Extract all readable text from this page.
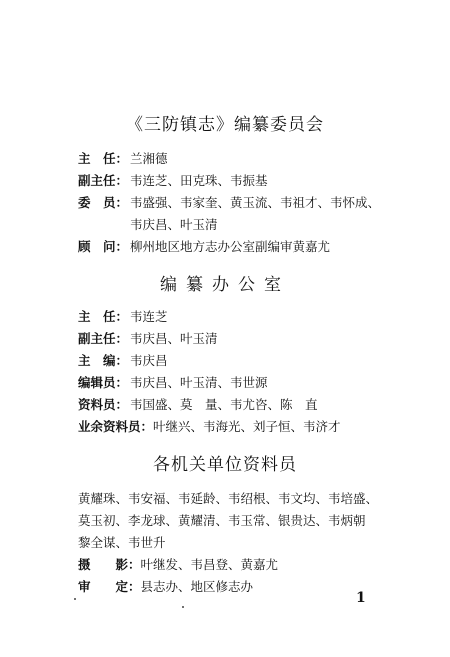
《三防镇志》编纂委员会
主　任： 兰湘德
副主任： 韦连芝、田克珠、韦振基
委　员： 韦盛强、韦家奎、黄玉流、韦祖才、韦怀成、
韦庆昌、叶玉清
顾　问： 柳州地区地方志办公室副编审黄嘉尤
编纂办公室
主　任： 韦连芝
副主任： 韦庆昌、叶玉清
主　编： 韦庆昌
编辑员： 韦庆昌、叶玉清、韦世源
资料员： 韦国盛、莫　量、韦尤咨、陈　直
业余资料员：叶继兴、韦海光、刘子恒、韦济才
各机关单位资料员
黄耀珠、韦安福、韦延龄、韦绍根、韦文均、韦培盛、
莫玉初、李龙球、黄耀清、韦玉常、银贵达、韦炳朝
黎全谋、韦世升
摄　　影：叶继发、韦昌登、黄嘉尤
审　　定：县志办、地区修志办
1
